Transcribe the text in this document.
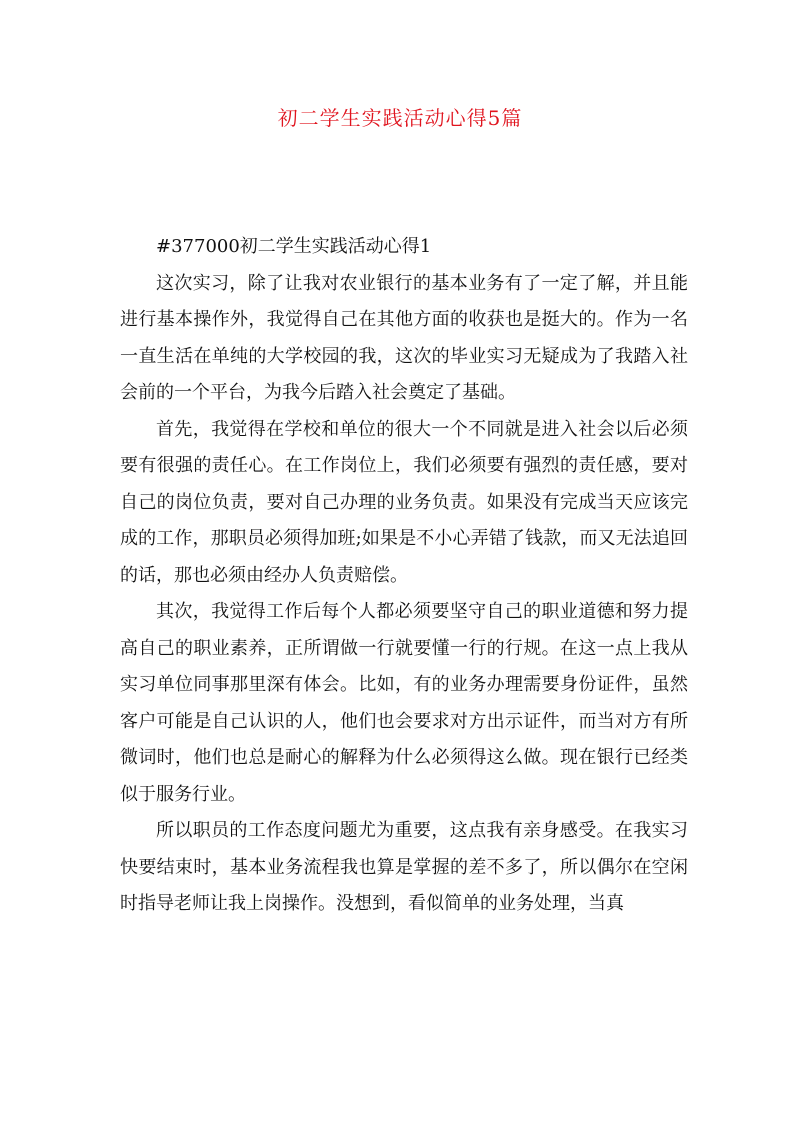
初二学生实践活动心得5篇

#377000初二学生实践活动心得1

这次实习，除了让我对农业银行的基本业务有了一定了解，并且能进行基本操作外，我觉得自己在其他方面的收获也是挺大的。作为一名一直生活在单纯的大学校园的我，这次的毕业实习无疑成为了我踏入社会前的一个平台，为我今后踏入社会奠定了基础。

首先，我觉得在学校和单位的很大一个不同就是进入社会以后必须要有很强的责任心。在工作岗位上，我们必须要有强烈的责任感，要对自己的岗位负责，要对自己办理的业务负责。如果没有完成当天应该完成的工作，那职员必须得加班;如果是不小心弄错了钱款，而又无法追回的话，那也必须由经办人负责赔偿。

其次，我觉得工作后每个人都必须要坚守自己的职业道德和努力提高自己的职业素养，正所谓做一行就要懂一行的行规。在这一点上我从实习单位同事那里深有体会。比如，有的业务办理需要身份证件，虽然客户可能是自己认识的人，他们也会要求对方出示证件，而当对方有所微词时，他们也总是耐心的解释为什么必须得这么做。现在银行已经类似于服务行业。

所以职员的工作态度问题尤为重要，这点我有亲身感受。在我实习快要结束时，基本业务流程我也算是掌握的差不多了，所以偶尔在空闲时指导老师让我上岗操作。没想到，看似简单的业务处理，当真
